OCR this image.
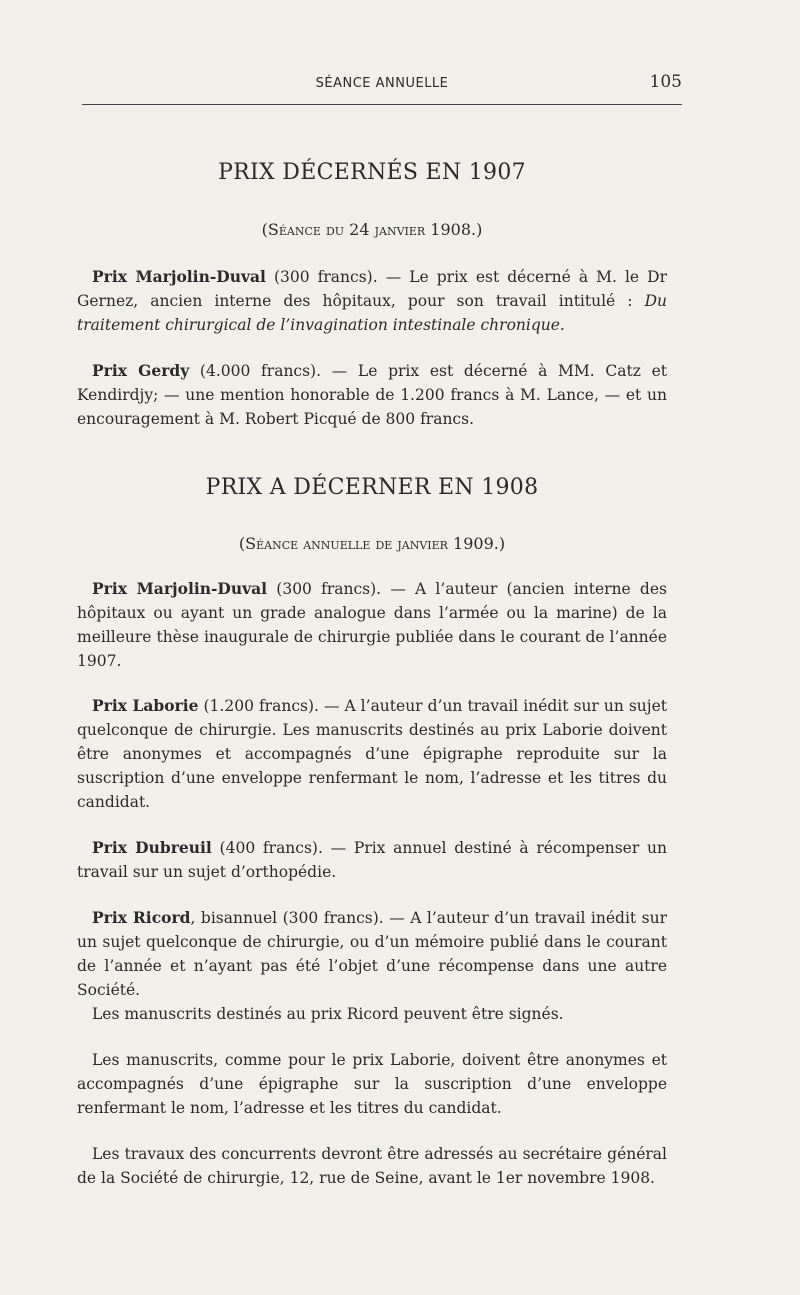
SÉANCE ANNUELLE	105
PRIX DÉCERNÉS EN 1907
(Séance du 24 janvier 1908.)

Prix Marjolin-Duval (300 francs). — Le prix est décerné à M. le Dr Gernez, ancien interne des hôpitaux, pour son travail intitulé : Du traitement chirurgical de l’invagination intestinale chronique.

Prix Gerdy (4.000 francs). — Le prix est décerné à MM. Catz et Kendirdjy; — une mention honorable de 1.200 francs à M. Lance, — et un encouragement à M. Robert Picqué de 800 francs.

PRIX A DÉCERNER EN 1908
(Séance annuelle de janvier 1909.)

Prix Marjolin-Duval (300 francs). — A l’auteur (ancien interne des hôpitaux ou ayant un grade analogue dans l’armée ou la marine) de la meilleure thèse inaugurale de chirurgie publiée dans le courant de l’année 1907.

Prix Laborie (1.200 francs). — A l’auteur d’un travail inédit sur un sujet quelconque de chirurgie. Les manuscrits destinés au prix Laborie doivent être anonymes et accompagnés d’une épigraphe reproduite sur la suscription d’une enveloppe renfermant le nom, l’adresse et les titres du candidat.

Prix Dubreuil (400 francs). — Prix annuel destiné à récompenser un travail sur un sujet d’orthopédie.

Prix Ricord, bisannuel (300 francs). — A l’auteur d’un travail inédit sur un sujet quelconque de chirurgie, ou d’un mémoire publié dans le courant de l’année et n’ayant pas été l’objet d’une récompense dans une autre Société.

Les manuscrits destinés au prix Ricord peuvent être signés.

Les manuscrits, comme pour le prix Laborie, doivent être anonymes et accompagnés d’une épigraphe sur la suscription d’une enveloppe renfermant le nom, l’adresse et les titres du candidat.

Les travaux des concurrents devront être adressés au secrétaire général de la Société de chirurgie, 12, rue de Seine, avant le 1er novembre 1908.
